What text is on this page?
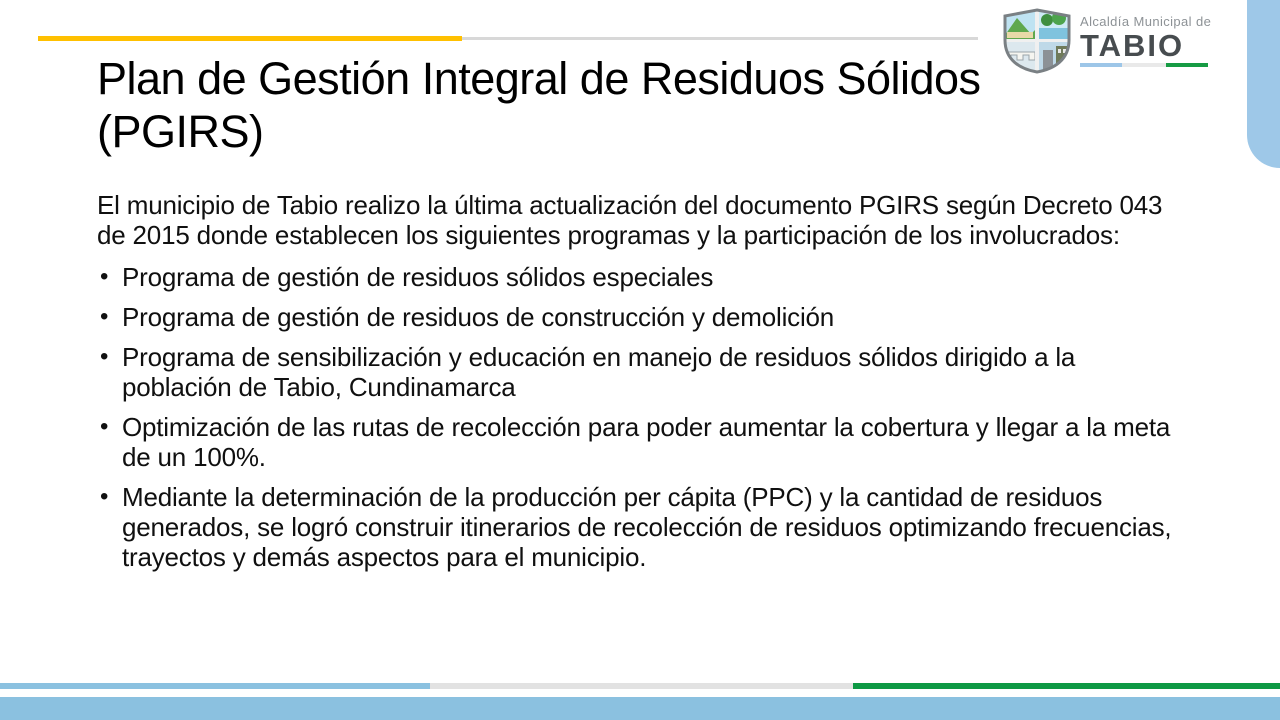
Alcaldía Municipal de
TABIO
Plan de Gestión Integral de Residuos Sólidos (PGIRS)

El municipio de Tabio realizo la última actualización del documento PGIRS según Decreto 043 de 2015 donde establecen los siguientes programas y la participación de los involucrados:

• Programa de gestión de residuos sólidos especiales
• Programa de gestión de residuos de construcción y demolición
• Programa de sensibilización y educación en manejo de residuos sólidos dirigido a la población de Tabio, Cundinamarca
• Optimización de las rutas de recolección para poder aumentar la cobertura y llegar a la meta de un 100%.
• Mediante la determinación de la producción per cápita (PPC) y la cantidad de residuos generados, se logró construir itinerarios de recolección de residuos optimizando frecuencias, trayectos y demás aspectos para el municipio.
